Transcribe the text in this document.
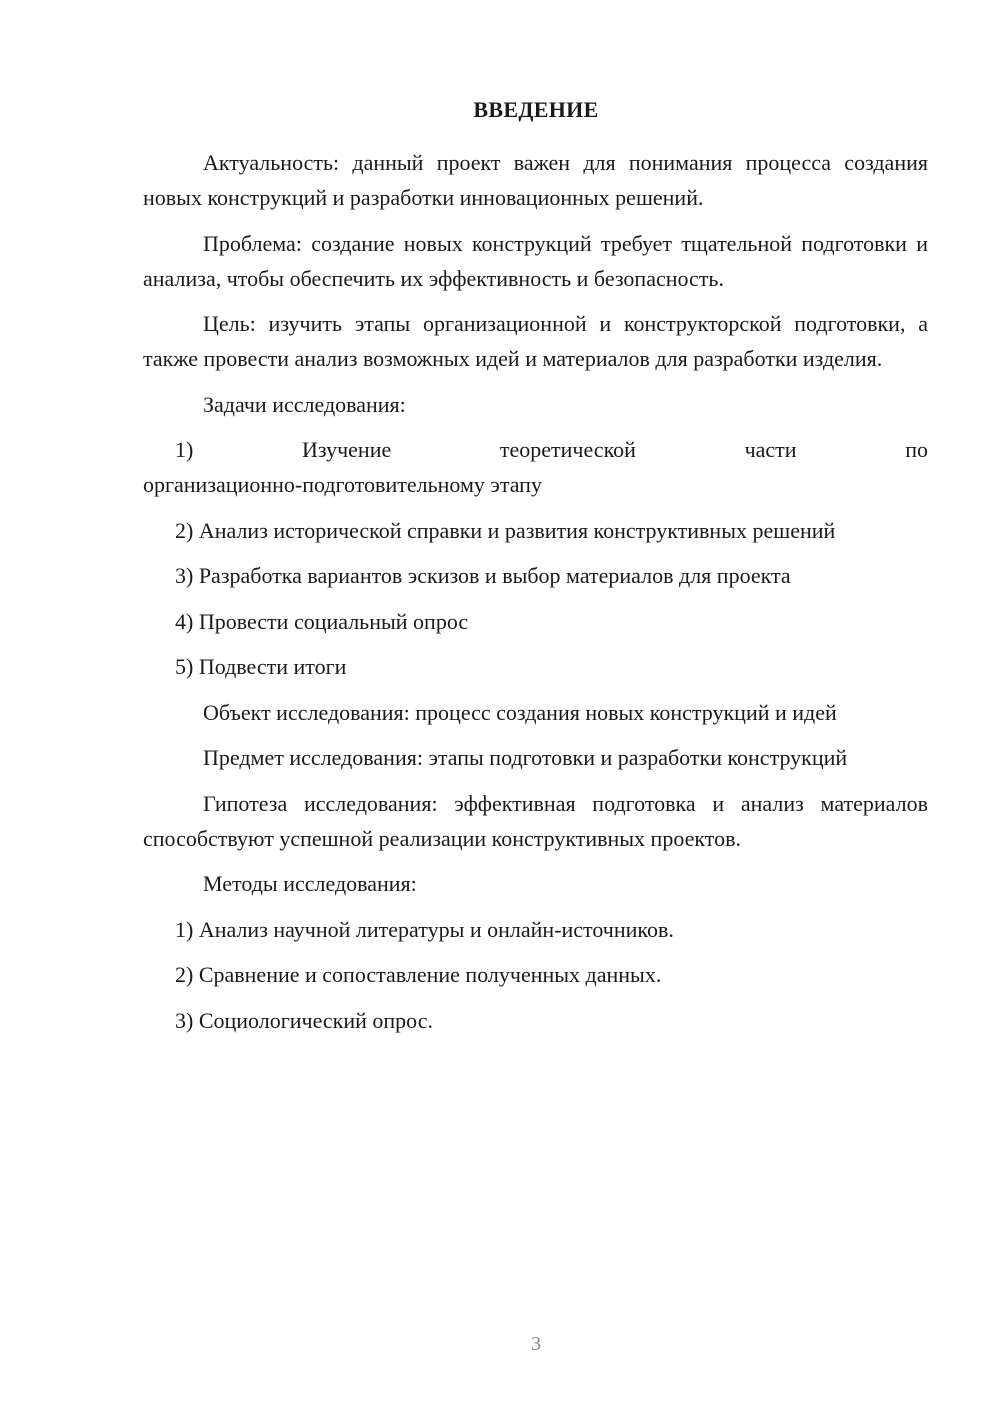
ВВЕДЕНИЕ

Актуальность: данный проект важен для понимания процесса создания новых конструкций и разработки инновационных решений.

Проблема: создание новых конструкций требует тщательной подготовки и анализа, чтобы обеспечить их эффективность и безопасность.

Цель: изучить этапы организационной и конструкторской подготовки, а также провести анализ возможных идей и материалов для разработки изделия.

Задачи исследования:

1) Изучение теоретической части по
организационно-подготовительному этапу
2) Анализ исторической справки и развития конструктивных решений
3) Разработка вариантов эскизов и выбор материалов для проекта
4) Провести социальный опрос
5) Подвести итоги

Объект исследования: процесс создания новых конструкций и идей

Предмет исследования: этапы подготовки и разработки конструкций

Гипотеза исследования: эффективная подготовка и анализ материалов способствуют успешной реализации конструктивных проектов.

Методы исследования:

1) Анализ научной литературы и онлайн-источников.
2) Сравнение и сопоставление полученных данных.
3) Социологический опрос.
3
